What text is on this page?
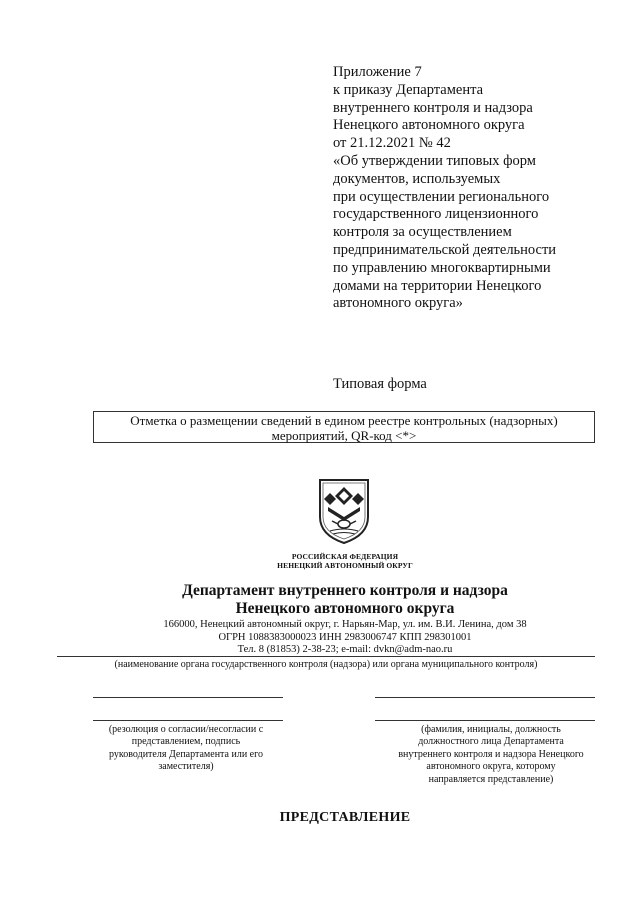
Приложение 7
к приказу Департамента
внутреннего контроля и надзора
Ненецкого автономного округа
от 21.12.2021 № 42
«Об утверждении типовых форм
документов, используемых
при осуществлении регионального
государственного лицензионного
контроля за осуществлением
предпринимательской деятельности
по управлению многоквартирными
домами на территории Ненецкого
автономного округа»
Типовая форма
Отметка о размещении сведений в едином реестре контрольных (надзорных)
мероприятий, QR-код <*>
РОССИЙСКАЯ ФЕДЕРАЦИЯ
НЕНЕЦКИЙ АВТОНОМНЫЙ ОКРУГ
Департамент внутреннего контроля и надзора
Ненецкого автономного округа
166000, Ненецкий автономный округ, г. Нарьян-Мар, ул. им. В.И. Ленина, дом 38
ОГРН 1088383000023 ИНН 2983006747 КПП 298301001
Тел. 8 (81853) 2-38-23; e-mail: dvkn@adm-nao.ru
(наименование органа государственного контроля (надзора) или органа муниципального контроля)
(резолюция о согласии/несогласии с
представлением, подпись
руководителя Департамента или его
заместителя)
(фамилия, инициалы, должность
должностного лица Департамента
внутреннего контроля и надзора Ненецкого
автономного округа, которому
направляется представление)
ПРЕДСТАВЛЕНИЕ
